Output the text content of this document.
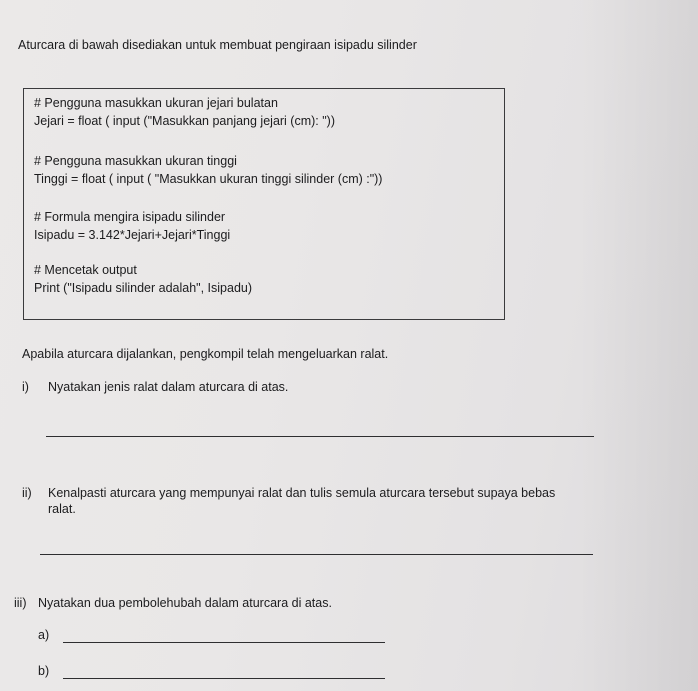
Aturcara di bawah disediakan untuk membuat pengiraan isipadu silinder
# Pengguna masukkan ukuran jejari bulatan
Jejari = float ( input ("Masukkan panjang jejari (cm): "))
# Pengguna masukkan ukuran tinggi
Tinggi = float ( input ( "Masukkan ukuran tinggi silinder (cm) :"))
# Formula mengira isipadu silinder
Isipadu = 3.142*Jejari+Jejari*Tinggi
# Mencetak output
Print ("Isipadu silinder adalah", Isipadu)
Apabila aturcara dijalankan, pengkompil telah mengeluarkan ralat.
i) Nyatakan jenis ralat dalam aturcara di atas.
ii) Kenalpasti aturcara yang mempunyai ralat dan tulis semula aturcara tersebut supaya bebas
ralat.
iii) Nyatakan dua pembolehubah dalam aturcara di atas.
a)
b)
